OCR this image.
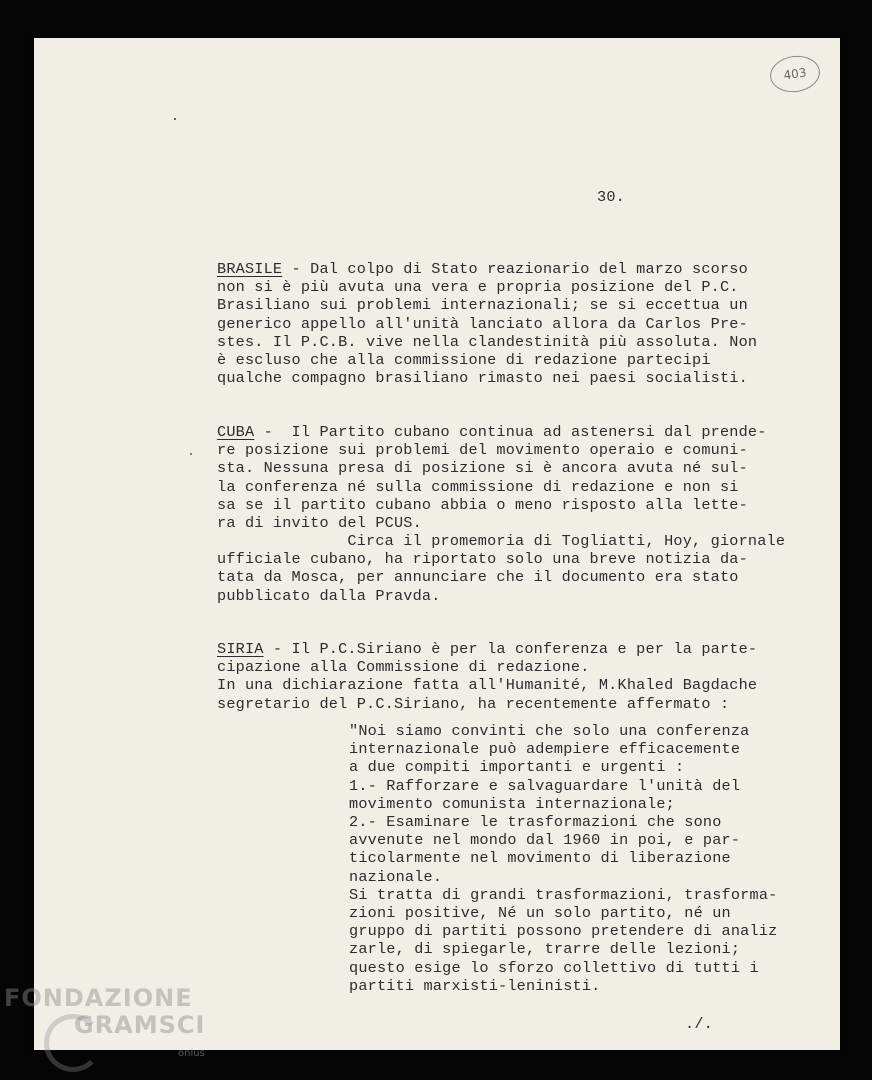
403
30.
BRASILE - Dal colpo di Stato reazionario del marzo scorso
non si è più avuta una vera e propria posizione del P.C.
Brasiliano sui problemi internazionali; se si eccettua un
generico appello all'unità lanciato allora da Carlos Pre-
stes. Il P.C.B. vive nella clandestinità più assoluta. Non
è escluso che alla commissione di redazione partecipi
qualche compagno brasiliano rimasto nei paesi socialisti.
CUBA -  Il Partito cubano continua ad astenersi dal prende-
re posizione sui problemi del movimento operaio e comuni-
sta. Nessuna presa di posizione si è ancora avuta né sul-
la conferenza né sulla commissione di redazione e non si
sa se il partito cubano abbia o meno risposto alla lette-
ra di invito del PCUS.
Circa il promemoria di Togliatti, Hoy, giornale
ufficiale cubano, ha riportato solo una breve notizia da-
tata da Mosca, per annunciare che il documento era stato
pubblicato dalla Pravda.
SIRIA - Il P.C.Siriano è per la conferenza e per la parte-
cipazione alla Commissione di redazione.
In una dichiarazione fatta all'Humanité, M.Khaled Bagdache
segretario del P.C.Siriano, ha recentemente affermato :
"Noi siamo convinti che solo una conferenza
internazionale può adempiere efficacemente
a due compiti importanti e urgenti :
1.- Rafforzare e salvaguardare l'unità del
movimento comunista internazionale;
2.- Esaminare le trasformazioni che sono
avvenute nel mondo dal 1960 in poi, e par-
ticolarmente nel movimento di liberazione
nazionale.
Si tratta di grandi trasformazioni, trasforma-
zioni positive, Né un solo partito, né un
gruppo di partiti possono pretendere di analiz
zarle, di spiegarle, trarre delle lezioni;
questo esige lo sforzo collettivo di tutti i
partiti marxisti-leninisti.
./.
FONDAZIONE
GRAMSCI
onlus
